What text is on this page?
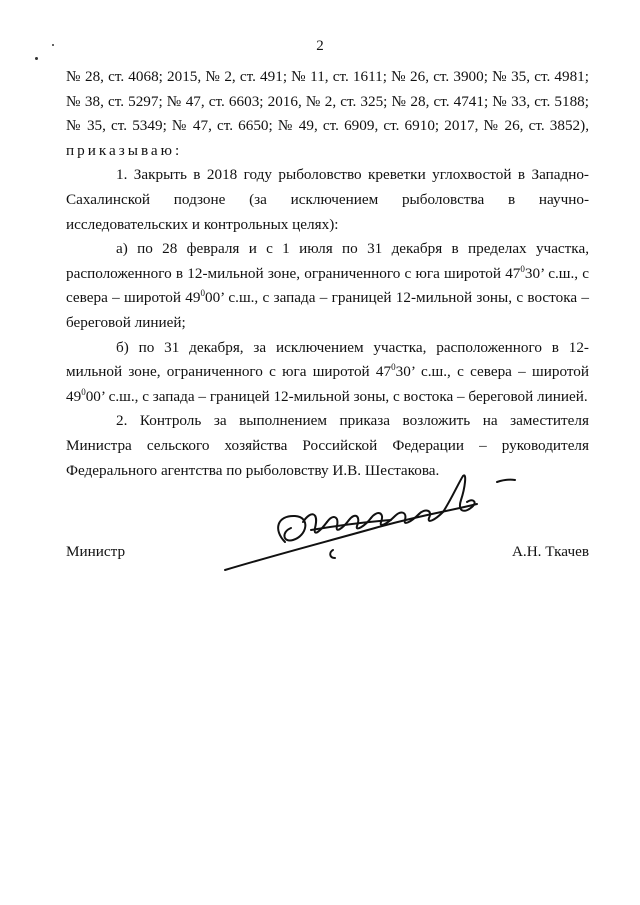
2

№ 28, ст. 4068; 2015, № 2, ст. 491; № 11, ст. 1611; № 26, ст. 3900; № 35, ст. 4981; № 38, ст. 5297; № 47, ст. 6603; 2016, № 2, ст. 325; № 28, ст. 4741; № 33, ст. 5188; № 35, ст. 5349; № 47, ст. 6650; № 49, ст. 6909, ст. 6910; 2017, № 26, ст. 3852), приказываю:

1. Закрыть в 2018 году рыболовство креветки углохвостой в Западно-Сахалинской подзоне (за исключением рыболовства в научно-исследовательских и контрольных целях):

а) по 28 февраля и с 1 июля по 31 декабря в пределах участка, расположенного в 12-мильной зоне, ограниченного с юга широтой $47^030$’ с.ш., с севера – широтой $49^000$’ с.ш., с запада – границей 12-мильной зоны, с востока – береговой линией;

б) по 31 декабря, за исключением участка, расположенного в 12-мильной зоне, ограниченного с юга широтой $47^030$’ с.ш., с севера – широтой $49^000$’ с.ш., с запада – границей 12-мильной зоны, с востока – береговой линией.

2. Контроль за выполнением приказа возложить на заместителя Министра сельского хозяйства Российской Федерации – руководителя Федерального агентства по рыболовству И.В. Шестакова.

Министр	А.Н. Ткачев
